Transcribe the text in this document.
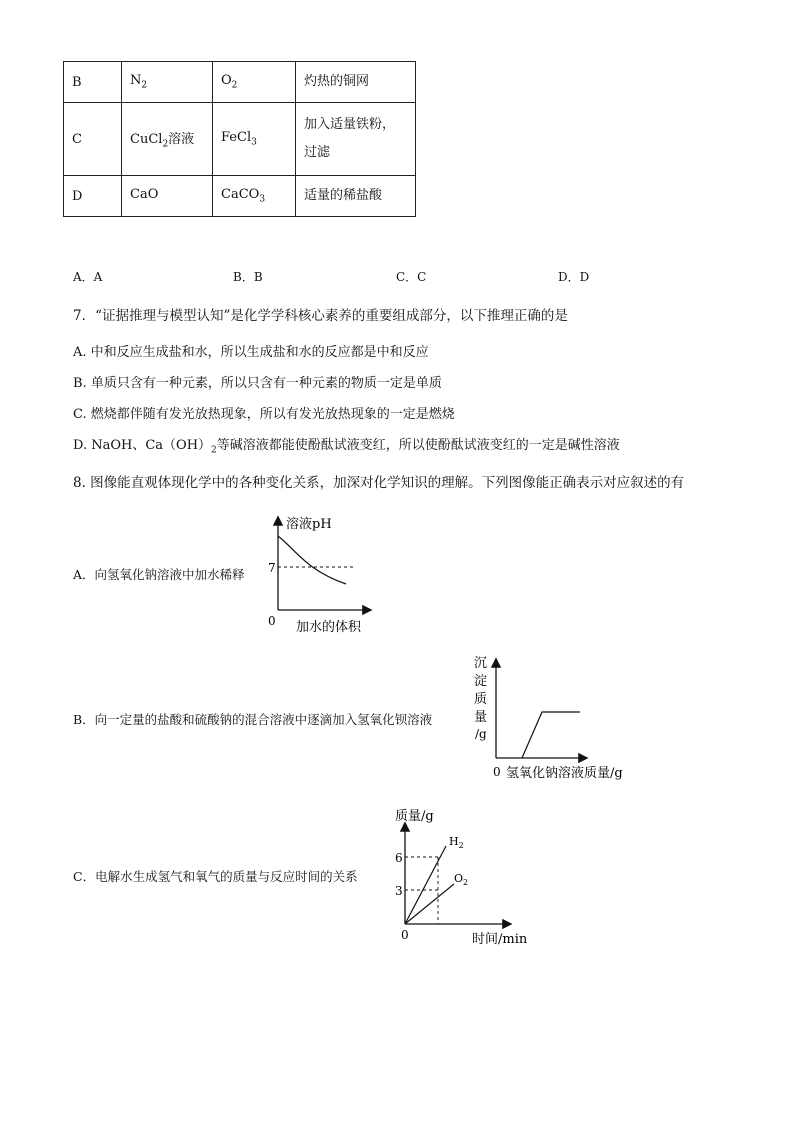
B	$N_2$	$O_2$	灼热的铜网
C	CuCl$_2$溶液	FeCl$_3$	加入适量铁粉，过滤
D	CaO	CaCO$_3$	适量的稀盐酸
A．A	B．B	C．C	D．D
7．“证据推理与模型认知”是化学学科核心素养的重要组成部分，以下推理正确的是
A. 中和反应生成盐和水，所以生成盐和水的反应都是中和反应
B. 单质只含有一种元素，所以只含有一种元素的物质一定是单质
C. 燃烧都伴随有发光放热现象，所以有发光放热现象的一定是燃烧
D. NaOH、$Ca(OH)_2$等碱溶液都能使酚酞试液变红，所以使酚酞试液变红的一定是碱性溶液
8. 图像能直观体现化学中的各种变化关系，加深对化学知识的理解。下列图像能正确表示对应叙述的有
A．向氢氧化钠溶液中加水稀释
溶液pH
7
0 加水的体积
B．向一定量的盐酸和硫酸钠的混合溶液中逐滴加入氢氧化钡溶液
沉
淀
质
量
/g
0 氢氧化钠溶液质量/g
C．电解水生成氢气和氧气的质量与反应时间的关系
质量/g
6
3
$H_2$
$O_2$
0	时间/min
